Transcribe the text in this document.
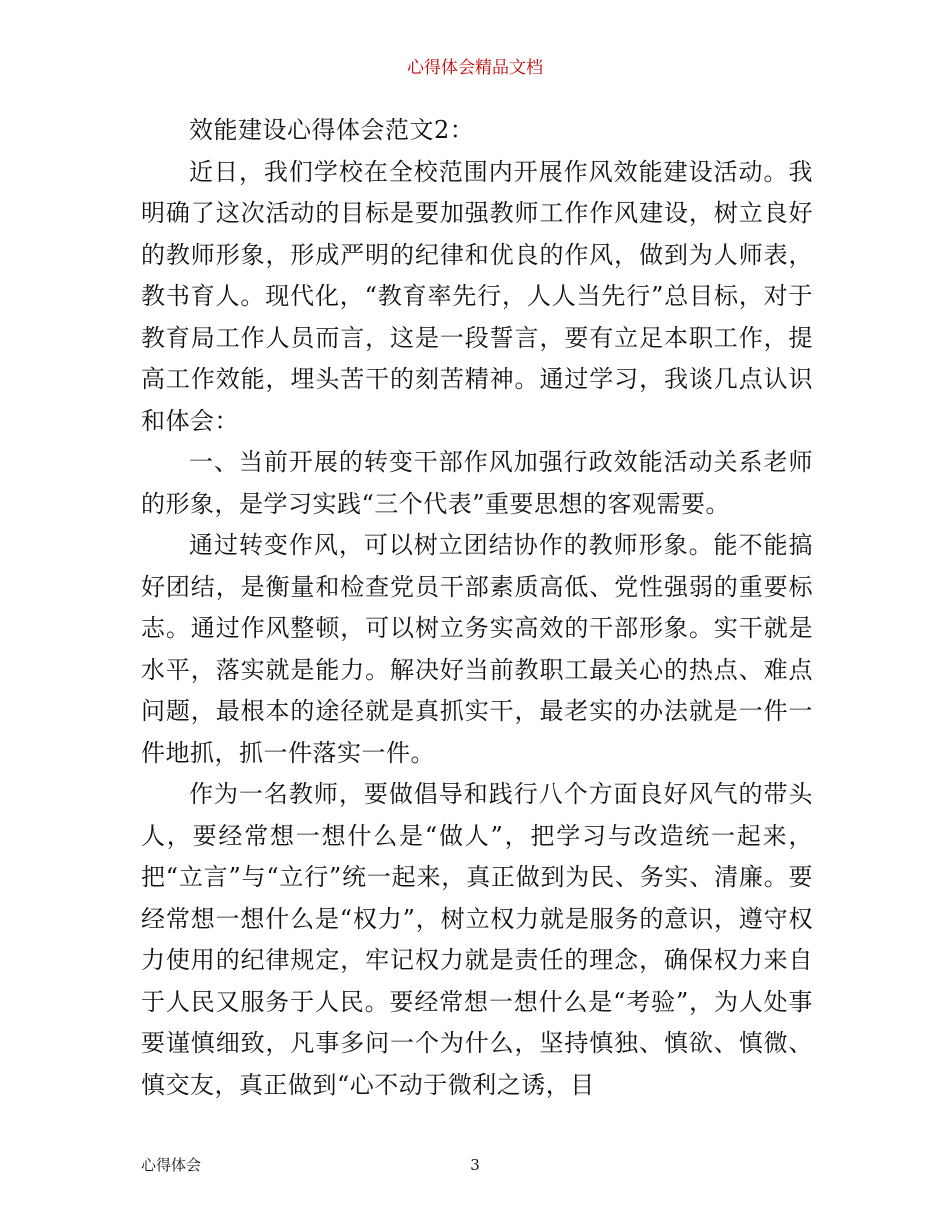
心得体会精品文档

效能建设心得体会范文2：

近日，我们学校在全校范围内开展作风效能建设活动。我明确了这次活动的目标是要加强教师工作作风建设，树立良好的教师形象，形成严明的纪律和优良的作风，做到为人师表，教书育人。现代化，“教育率先行，人人当先行”总目标，对于教育局工作人员而言，这是一段誓言，要有立足本职工作，提高工作效能，埋头苦干的刻苦精神。通过学习，我谈几点认识和体会：

一、当前开展的转变干部作风加强行政效能活动关系老师的形象，是学习实践“三个代表”重要思想的客观需要。

通过转变作风，可以树立团结协作的教师形象。能不能搞好团结，是衡量和检查党员干部素质高低、党性强弱的重要标志。通过作风整顿，可以树立务实高效的干部形象。实干就是水平，落实就是能力。解决好当前教职工最关心的热点、难点问题，最根本的途径就是真抓实干，最老实的办法就是一件一件地抓，抓一件落实一件。

作为一名教师，要做倡导和践行八个方面良好风气的带头人，要经常想一想什么是“做人”，把学习与改造统一起来，把“立言”与“立行”统一起来，真正做到为民、务实、清廉。要经常想一想什么是“权力”，树立权力就是服务的意识，遵守权力使用的纪律规定，牢记权力就是责任的理念，确保权力来自于人民又服务于人民。要经常想一想什么是“考验”，为人处事要谨慎细致，凡事多问一个为什么，坚持慎独、慎欲、慎微、慎交友，真正做到“心不动于微利之诱，目

心得体会	3
